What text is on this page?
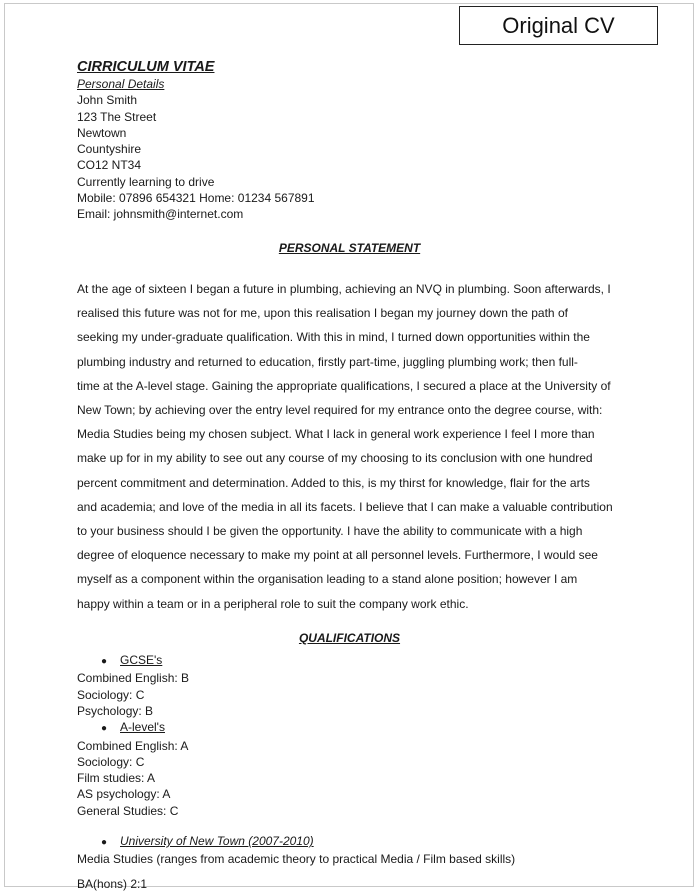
Original CV

CIRRICULUM VITAE

Personal Details

John Smith

123 The Street

Newtown

Countyshire

CO12 NT34

Currently learning to drive

Mobile: 07896 654321 Home: 01234 567891

Email: johnsmith@internet.com

PERSONAL STATEMENT

At the age of sixteen I began a future in plumbing, achieving an NVQ in plumbing. Soon afterwards, I
realised this future was not for me, upon this realisation I began my journey down the path of
seeking my under-graduate qualification. With this in mind, I turned down opportunities within the
plumbing industry and returned to education, firstly part-time, juggling plumbing work; then full-
time at the A-level stage. Gaining the appropriate qualifications, I secured a place at the University of
New Town; by achieving over the entry level required for my entrance onto the degree course, with:
Media Studies being my chosen subject. What I lack in general work experience I feel I more than
make up for in my ability to see out any course of my choosing to its conclusion with one hundred
percent commitment and determination. Added to this, is my thirst for knowledge, flair for the arts
and academia; and love of the media in all its facets. I believe that I can make a valuable contribution
to your business should I be given the opportunity. I have the ability to communicate with a high
degree of eloquence necessary to make my point at all personnel levels. Furthermore, I would see
myself as a component within the organisation leading to a stand alone position; however I am
happy within a team or in a peripheral role to suit the company work ethic.

QUALIFICATIONS

●	GCSE's

Combined English: B

Sociology: C

Psychology: B

●	A-level's

Combined English: A

Sociology: C

Film studies: A

AS psychology: A

General Studies: C

●	University of New Town (2007-2010)

Media Studies (ranges from academic theory to practical Media / Film based skills)

BA(hons) 2:1
